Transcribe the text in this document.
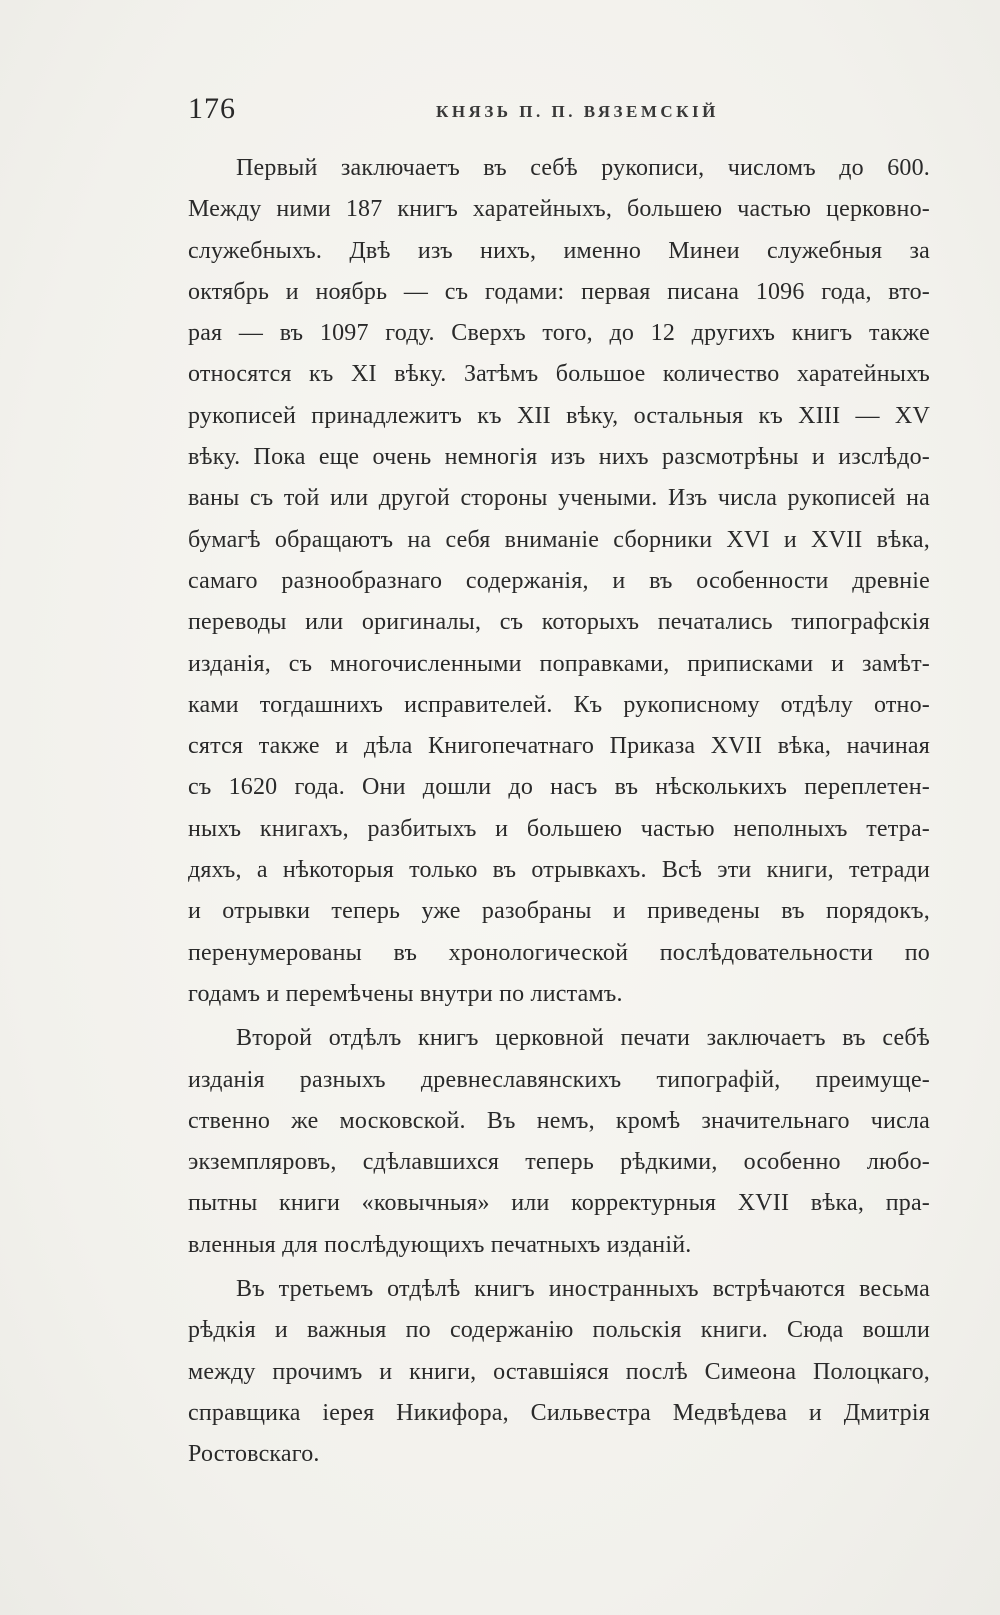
176	КНЯЗЬ П. П. ВЯЗЕМСКІЙ
Первый заключаетъ въ себѣ рукописи, числомъ до 600.
Между ними 187 книгъ харатейныхъ, большею частью церковно-
служебныхъ. Двѣ изъ нихъ, именно Минеи служебныя за
октябрь и ноябрь — съ годами: первая писана 1096 года, вто-
рая — въ 1097 году. Сверхъ того, до 12 другихъ книгъ также
относятся къ XI вѣку. Затѣмъ большое количество харатейныхъ
рукописей принадлежитъ къ XII вѣку, остальныя къ XIII — XV
вѣку. Пока еще очень немногія изъ нихъ разсмотрѣны и изслѣдо-
ваны съ той или другой стороны учеными. Изъ числа рукописей на
бумагѣ обращаютъ на себя вниманіе сборники XVI и XVII вѣка,
самаго разнообразнаго содержанія, и въ особенности древніе
переводы или оригиналы, съ которыхъ печатались типографскія
изданія, съ многочисленными поправками, приписками и замѣт-
ками тогдашнихъ исправителей. Къ рукописному отдѣлу отно-
сятся также и дѣла Книгопечатнаго Приказа XVII вѣка, начиная
съ 1620 года. Они дошли до насъ въ нѣсколькихъ переплетен-
ныхъ книгахъ, разбитыхъ и большею частью неполныхъ тетра-
дяхъ, а нѣкоторыя только въ отрывкахъ. Всѣ эти книги, тетради
и отрывки теперь уже разобраны и приведены въ порядокъ,
перенумерованы въ хронологической послѣдовательности по
годамъ и перемѣчены внутри по листамъ.
Второй отдѣлъ книгъ церковной печати заключаетъ въ себѣ
изданія разныхъ древнеславянскихъ типографій, преимуще-
ственно же московской. Въ немъ, кромѣ значительнаго числа
экземпляровъ, сдѣлавшихся теперь рѣдкими, особенно любо-
пытны книги «ковычныя» или корректурныя XVII вѣка, пра-
вленныя для послѣдующихъ печатныхъ изданій.
Въ третьемъ отдѣлѣ книгъ иностранныхъ встрѣчаются весьма
рѣдкія и важныя по содержанію польскія книги. Сюда вошли
между прочимъ и книги, оставшіяся послѣ Симеона Полоцкаго,
справщика іерея Никифора, Сильвестра Медвѣдева и Дмитрія
Ростовскаго.
